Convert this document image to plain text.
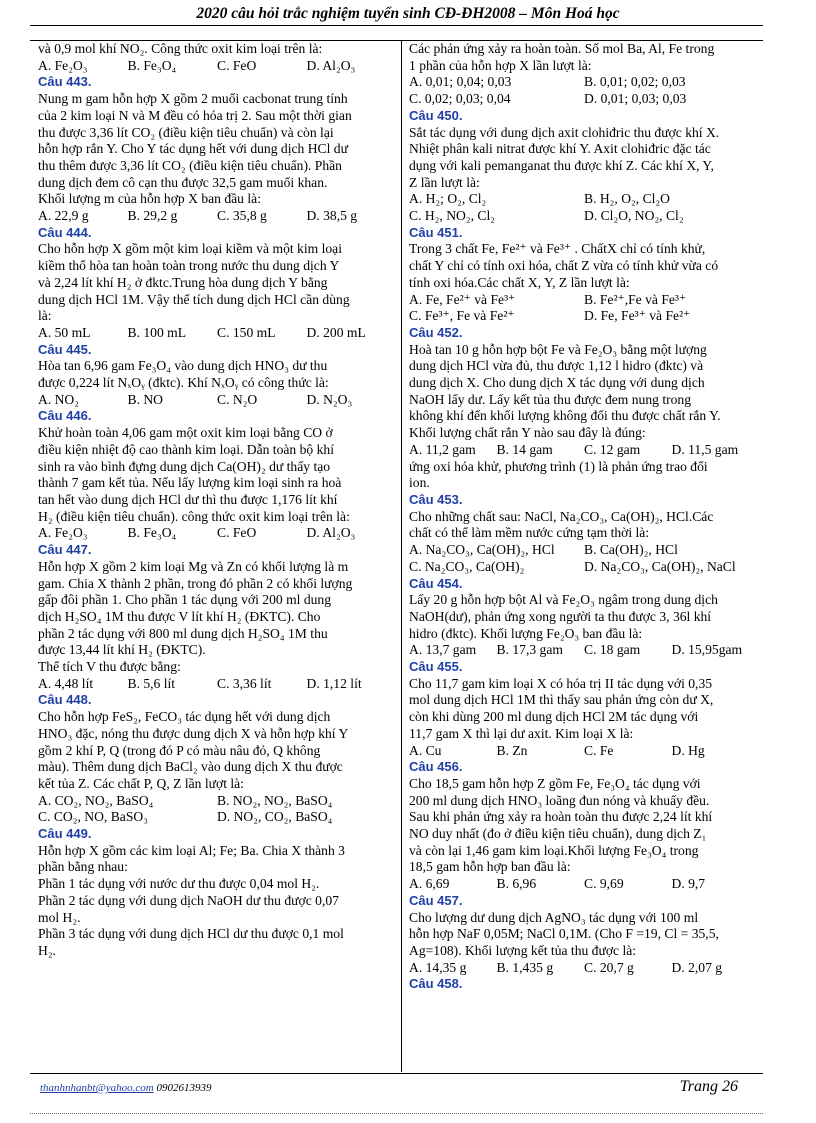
2020 câu hỏi trắc nghiệm tuyển sinh CĐ-ĐH2008 – Môn Hoá học

và 0,9 mol khí NO₂. Công thức oxit kim loại trên là:

A. Fe₂O₃	B. Fe₃O₄	C. FeO	D. Al₂O₃

Câu 443.

Nung m gam hỗn hợp X gồm 2 muối cacbonat trung tính

của 2 kim loại N và M đều có hóa trị 2. Sau một thời gian

thu được 3,36 lít CO₂ (điều kiện tiêu chuẩn) và còn lại

hỗn hợp rắn Y. Cho Y tác dụng hết với dung dịch HCl dư

thu thêm được 3,36 lít CO₂ (điều kiện tiêu chuẩn). Phần

dung dịch đem cô cạn thu được 32,5 gam muối khan.

Khối lượng m của hỗn hợp X ban đầu là:

A. 22,9 g	B. 29,2 g	C. 35,8 g	D. 38,5 g

Câu 444.

Cho hỗn hợp X gồm một kim loại kiềm và một kim loại

kiềm thổ hòa tan hoàn toàn trong nước thu dung dịch Y

và 2,24 lít khí H₂ ở đktc.Trung hòa dung dịch Y bằng

dung dịch HCl 1M. Vậy thể tích dung dịch HCl cần dùng

là:

A. 50 mL	B. 100 mL	C. 150 mL	D. 200 mL

Câu 445.

Hòa tan 6,96 gam Fe₃O₄ vào dung dịch HNO₃ dư thu

được 0,224 lít NₓOᵧ (đktc). Khí NₓOᵧ có công thức là:

A. NO₂	B. NO	C. N₂O	D. N₂O₃

Câu 446.

Khử hoàn toàn 4,06 gam một oxit kim loại bằng CO ở

điều kiện nhiệt độ cao thành kim loại. Dẫn toàn bộ khí

sinh ra vào bình đựng dung dịch Ca(OH)₂ dư thấy tạo

thành 7 gam kết tủa. Nếu lấy lượng kim loại sinh ra hoà

tan hết vào dung dịch HCl dư thì thu được 1,176 lít khí

H₂ (điều kiện tiêu chuẩn). công thức oxit kim loại trên là:

A. Fe₂O₃	B. Fe₃O₄	C. FeO	D. Al₂O₃

Câu 447.

Hỗn hợp X gồm 2 kim loại Mg và Zn có khối lượng là m

gam. Chia X thành 2 phần, trong đó phần 2 có khối lượng

gấp đôi phần 1. Cho phần 1 tác dụng với 200 ml dung

dịch H₂SO₄ 1M thu được V lít khí H₂ (ĐKTC). Cho

phần 2 tác dụng với 800 ml dung dịch H₂SO₄ 1M thu

được 13,44 lít khí H₂ (ĐKTC).

Thể tích V thu được bằng:

A. 4,48 lít	B. 5,6 lít	C. 3,36 lít	D. 1,12 lít

Câu 448.

Cho hỗn hợp FeS₂, FeCO₃ tác dụng hết với dung dịch

HNO₃ đặc, nóng thu được dung dịch X và hỗn hợp khí Y

gồm 2 khí P, Q (trong đó P có màu nâu đỏ, Q không

màu). Thêm dung dịch BaCl₂ vào dung dịch X thu được

kết tủa Z. Các chất P, Q, Z lần lượt là:

A. CO₂, NO₂, BaSO₄	B. NO₂, NO₂, BaSO₄
C. CO₂, NO, BaSO₃	D. NO₂, CO₂, BaSO₄

Câu 449.

Hỗn hợp X gồm các kim loại Al; Fe; Ba. Chia X thành 3

phần bằng nhau:

Phần 1 tác dụng với nước dư thu được 0,04 mol H₂.

Phần 2 tác dụng với dung dịch NaOH dư thu được 0,07

mol H₂.

Phần 3 tác dụng với dung dịch HCl dư thu được 0,1 mol

H₂.

Các phản ứng xảy ra hoàn toàn. Số mol Ba, Al, Fe trong

1 phần của hỗn hợp X lần lượt là:

A. 0,01; 0,04; 0,03	B. 0,01; 0,02; 0,03
C. 0,02; 0,03; 0,04	D. 0,01; 0,03; 0,03

Câu 450.

Sắt tác dụng với dung dịch axit clohiđric thu được khí X.

Nhiệt phân kali nitrat được khí Y. Axit clohiđric đặc tác

dụng với kali pemanganat thu được khí Z. Các khí X, Y,

Z lần lượt là:

A. H₂; O₂, Cl₂	B. H₂, O₂, Cl₂O
C. H₂, NO₂, Cl₂	D. Cl₂O, NO₂, Cl₂

Câu 451.

Trong 3 chất Fe, Fe²⁺ và Fe³⁺ . ChấtX chỉ có tính khử,

chất Y chỉ có tính oxi hóa, chất Z vừa có tính khử vừa có

tính oxi hóa.Các chất X, Y, Z lần lượt là:

A. Fe, Fe²⁺ và Fe³⁺	B. Fe²⁺,Fe và Fe³⁺
C. Fe³⁺, Fe và Fe²⁺	D. Fe, Fe³⁺ và Fe²⁺

Câu 452.

Hoà tan 10 g hỗn hợp bột Fe và Fe₂O₃ bằng một lượng

dung dịch HCl vừa đủ, thu được 1,12 l hidro (đktc) và

dung dịch X. Cho dung dịch X tác dụng với dung dịch

NaOH lấy dư. Lấy kết tủa thu được đem nung trong

không khí đến khối lượng không đổi thu được chất rắn Y.

Khối lượng chất rắn Y nào sau đây là đúng:

A. 11,2 gam	B. 14 gam	C. 12 gam	D. 11,5 gam

ứng oxi hóa khử, phương trình (1) là phản ứng trao đổi

ion.

Câu 453.

Cho những chất sau: NaCl, Na₂CO₃, Ca(OH)₂, HCl.Các

chất có thể làm mềm nước cứng tạm thời là:

A. Na₂CO₃, Ca(OH)₂, HCl	B. Ca(OH)₂, HCl
C. Na₂CO₃, Ca(OH)₂	D. Na₂CO₃, Ca(OH)₂, NaCl

Câu 454.

Lấy 20 g hỗn hợp bột Al và Fe₂O₃ ngâm trong dung dịch

NaOH(dư), phản ứng xong người ta thu được 3, 36l khí

hidro (đktc). Khối lượng Fe₂O₃ ban đầu là:

A. 13,7 gam	B. 17,3 gam	C. 18 gam	D. 15,95gam

Câu 455.

Cho 11,7 gam kim loại X có hóa trị II tác dụng với 0,35

mol dung dịch HCl 1M thì thấy sau phản ứng còn dư X,

còn khi dùng 200 ml dung dịch HCl 2M tác dụng với

11,7 gam X thì lại dư axit. Kim loại X là:

A. Cu	B. Zn	C. Fe	D. Hg

Câu 456.

Cho 18,5 gam hỗn hợp Z gồm Fe, Fe₃O₄ tác dụng với

200 ml dung dịch HNO₃ loãng đun nóng và khuấy đều.

Sau khi phản ứng xảy ra hoàn toàn thu được 2,24 lít khí

NO duy nhất (đo ở điều kiện tiêu chuẩn), dung dịch Z₁

và còn lại 1,46 gam kim loại.Khối lượng Fe₃O₄ trong

18,5 gam hỗn hợp ban đầu là:

A. 6,69	B. 6,96	C. 9,69	D. 9,7

Câu 457.

Cho lượng dư dung dịch AgNO₃ tác dụng với 100 ml

hỗn hợp NaF 0,05M; NaCl 0,1M. (Cho F =19, Cl = 35,5,

Ag=108). Khối lượng kết tủa thu được là:

A. 14,35 g	B. 1,435 g	C. 20,7 g	D. 2,07 g

Câu 458.

thanhnhanbt@yahoo.com 0902613939	Trang 26
